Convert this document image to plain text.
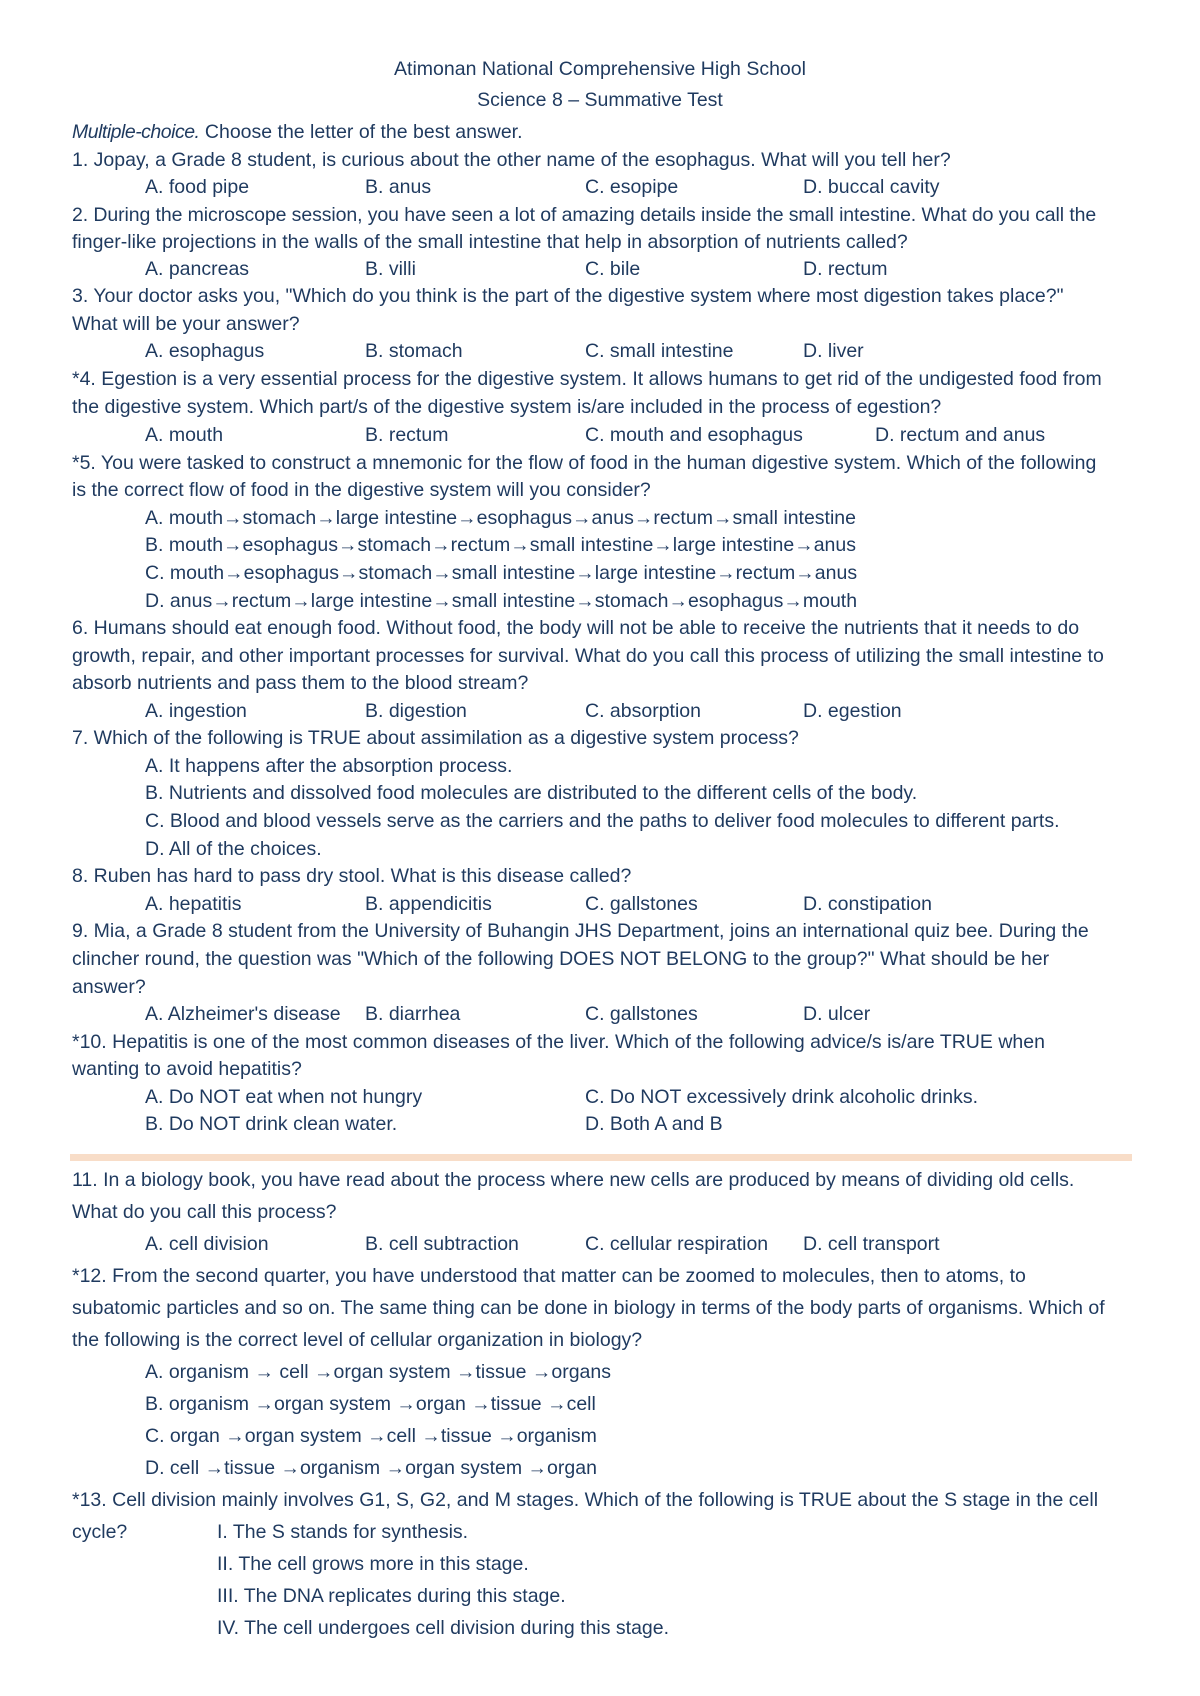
Atimonan National Comprehensive High School
Science 8 – Summative Test
Multiple-choice. Choose the letter of the best answer.
1. Jopay, a Grade 8 student, is curious about the other name of the esophagus. What will you tell her?
A. food pipe	B. anus	C. esopipe	D. buccal cavity
2. During the microscope session, you have seen a lot of amazing details inside the small intestine. What do you call the
finger-like projections in the walls of the small intestine that help in absorption of nutrients called?
A. pancreas	B. villi	C. bile	D. rectum
3. Your doctor asks you, "Which do you think is the part of the digestive system where most digestion takes place?"
What will be your answer?
A. esophagus	B. stomach	C. small intestine	D. liver
*4. Egestion is a very essential process for the digestive system. It allows humans to get rid of the undigested food from
the digestive system. Which part/s of the digestive system is/are included in the process of egestion?
A. mouth	B. rectum	C. mouth and esophagus	D. rectum and anus
*5. You were tasked to construct a mnemonic for the flow of food in the human digestive system. Which of the following
is the correct flow of food in the digestive system will you consider?
A. mouth→stomach→large intestine→esophagus→anus→rectum→small intestine
B. mouth→esophagus→stomach→rectum→small intestine→large intestine→anus
C. mouth→esophagus→stomach→small intestine→large intestine→rectum→anus
D. anus→rectum→large intestine→small intestine→stomach→esophagus→mouth
6. Humans should eat enough food. Without food, the body will not be able to receive the nutrients that it needs to do
growth, repair, and other important processes for survival. What do you call this process of utilizing the small intestine to
absorb nutrients and pass them to the blood stream?
A. ingestion	B. digestion	C. absorption	D. egestion
7. Which of the following is TRUE about assimilation as a digestive system process?
A. It happens after the absorption process.
B. Nutrients and dissolved food molecules are distributed to the different cells of the body.
C. Blood and blood vessels serve as the carriers and the paths to deliver food molecules to different parts.
D. All of the choices.
8. Ruben has hard to pass dry stool. What is this disease called?
A. hepatitis	B. appendicitis	C. gallstones	D. constipation
9. Mia, a Grade 8 student from the University of Buhangin JHS Department, joins an international quiz bee. During the
clincher round, the question was "Which of the following DOES NOT BELONG to the group?" What should be her
answer?
A. Alzheimer's disease B. diarrhea	C. gallstones	D. ulcer
*10. Hepatitis is one of the most common diseases of the liver. Which of the following advice/s is/are TRUE when
wanting to avoid hepatitis?
A. Do NOT eat when not hungry	C. Do NOT excessively drink alcoholic drinks.
B. Do NOT drink clean water.	D. Both A and B
11. In a biology book, you have read about the process where new cells are produced by means of dividing old cells.
What do you call this process?
A. cell division	B. cell subtraction	C. cellular respiration D. cell transport
*12. From the second quarter, you have understood that matter can be zoomed to molecules, then to atoms, to
subatomic particles and so on. The same thing can be done in biology in terms of the body parts of organisms. Which of
the following is the correct level of cellular organization in biology?
A. organism → cell →organ system →tissue →organs
B. organism →organ system →organ →tissue →cell
C. organ →organ system →cell →tissue →organism
D. cell →tissue →organism →organ system →organ
*13. Cell division mainly involves G1, S, G2, and M stages. Which of the following is TRUE about the S stage in the cell
cycle?	I. The S stands for synthesis.
II. The cell grows more in this stage.
III. The DNA replicates during this stage.
IV. The cell undergoes cell division during this stage.
